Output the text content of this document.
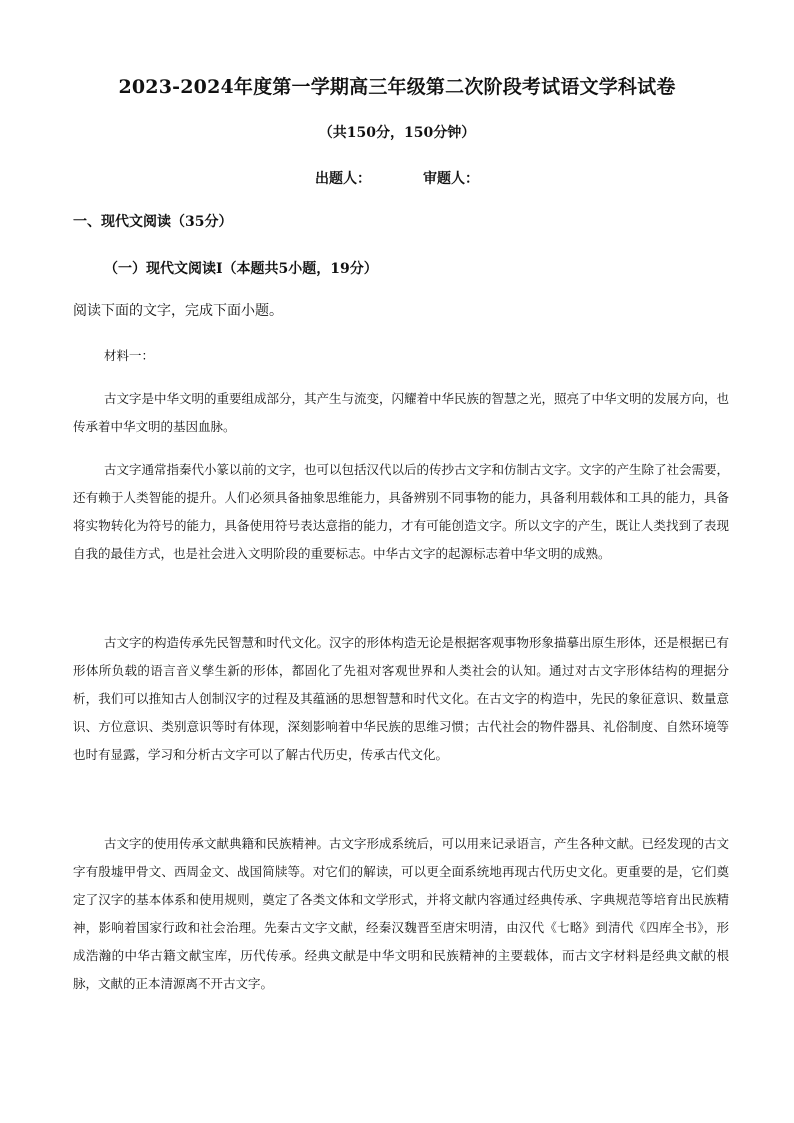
2023-2024年度第一学期高三年级第二次阶段考试语文学科试卷
（共150分，150分钟）
出题人：	审题人：
一、现代文阅读（35分）
（一）现代文阅读Ⅰ（本题共5小题，19分）
阅读下面的文字，完成下面小题。
材料一：

古文字是中华文明的重要组成部分，其产生与流变，闪耀着中华民族的智慧之光，照亮了中华文明的发展方向，也传承着中华文明的基因血脉。

古文字通常指秦代小篆以前的文字，也可以包括汉代以后的传抄古文字和仿制古文字。文字的产生除了社会需要，还有赖于人类智能的提升。人们必须具备抽象思维能力，具备辨别不同事物的能力，具备利用载体和工具的能力，具备将实物转化为符号的能力，具备使用符号表达意指的能力，才有可能创造文字。所以文字的产生，既让人类找到了表现自我的最佳方式，也是社会进入文明阶段的重要标志。中华古文字的起源标志着中华文明的成熟。

古文字的构造传承先民智慧和时代文化。汉字的形体构造无论是根据客观事物形象描摹出原生形体，还是根据已有形体所负载的语言音义孳生新的形体，都固化了先祖对客观世界和人类社会的认知。通过对古文字形体结构的理据分析，我们可以推知古人创制汉字的过程及其蕴涵的思想智慧和时代文化。在古文字的构造中，先民的象征意识、数量意识、方位意识、类别意识等时有体现，深刻影响着中华民族的思维习惯；古代社会的物件器具、礼俗制度、自然环境等也时有显露，学习和分析古文字可以了解古代历史，传承古代文化。

古文字的使用传承文献典籍和民族精神。古文字形成系统后，可以用来记录语言，产生各种文献。已经发现的古文字有殷墟甲骨文、西周金文、战国简牍等。对它们的解读，可以更全面系统地再现古代历史文化。更重要的是，它们奠定了汉字的基本体系和使用规则，奠定了各类文体和文学形式，并将文献内容通过经典传承、字典规范等培育出民族精神，影响着国家行政和社会治理。先秦古文字文献，经秦汉魏晋至唐宋明清，由汉代《七略》到清代《四库全书》，形成浩瀚的中华古籍文献宝库，历代传承。经典文献是中华文明和民族精神的主要载体，而古文字材料是经典文献的根脉，文献的正本清源离不开古文字。
